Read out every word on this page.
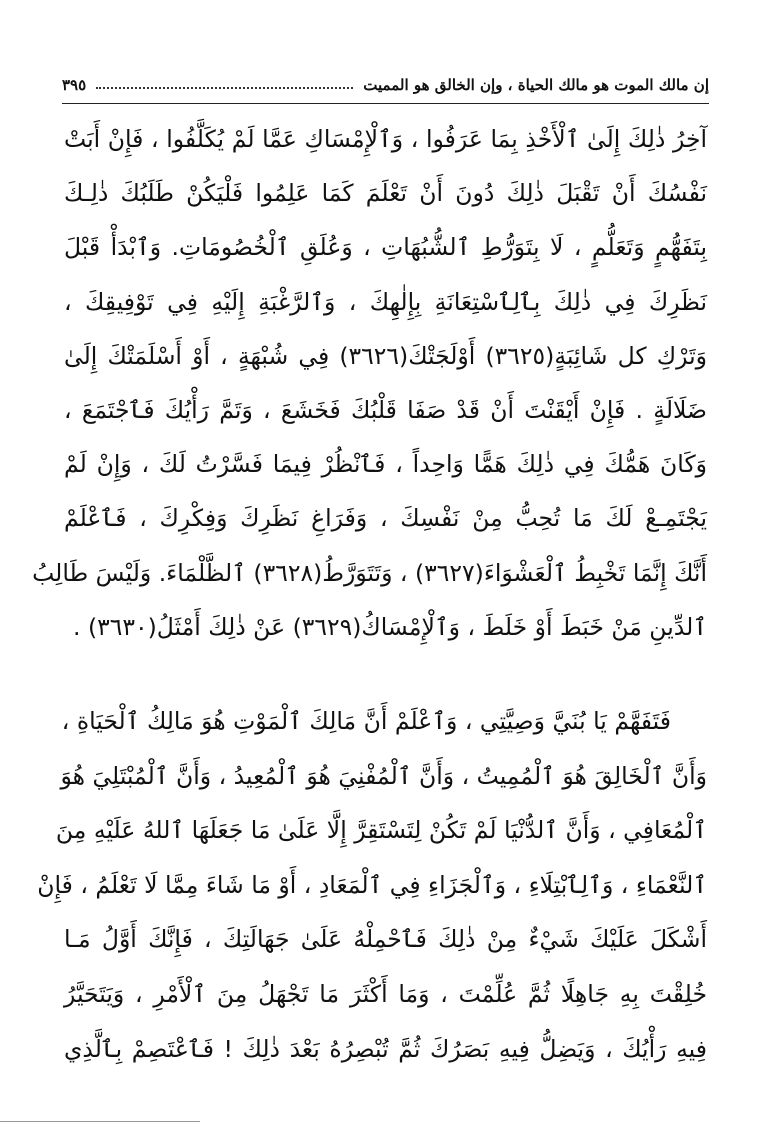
إن مالك الموت هو مالك الحياة ، وإن الخالق هو المميت
٣٩٥
آخِرُ ذٰلِكَ إِلَىٰ ٱلْأَخْذِ بِمَا عَرَفُوا ، وَٱلْإِمْسَاكِ عَمَّا لَمْ يُكَلَّفُوا ، فَإِنْ أَبَتْ
نَفْسُكَ أَنْ تَقْبَلَ ذٰلِكَ دُونَ أَنْ تَعْلَمَ كَمَا عَلِمُوا فَلْيَكُنْ طَلَبُكَ ذٰلِـكَ
بِتَفَهُّمٍ وَتَعَلُّمٍ ، لَا بِتَوَرُّطِ ٱلشُّبُهَاتِ ، وَعُلَقِ ٱلْخُصُومَاتِ. وَٱبْدَأْ قَبْلَ
نَظَرِكَ فِي ذٰلِكَ بِٱلِٱسْتِعَانَةِ بِإِلٰهِكَ ، وَٱلرَّغْبَةِ إِلَيْهِ فِي تَوْفِيقِكَ ،
وَتَرْكِ كل شَائِبَةٍ(٣٦٢٥) أَوْلَجَتْكَ(٣٦٢٦) فِي شُبْهَةٍ ، أَوْ أَسْلَمَتْكَ إِلَىٰ
ضَلَالَةٍ . فَإِنْ أَيْقَنْتَ أَنْ قَدْ صَفَا قَلْبُكَ فَخَشَعَ ، وَتَمَّ رَأْيُكَ فَٱجْتَمَعَ ،
وَكَانَ هَمُّكَ فِي ذٰلِكَ هَمًّا وَاحِداً ، فَٱنْظُرْ فِيمَا فَسَّرْتُ لَكَ ، وَإِنْ لَمْ
يَجْتَمِـعْ لَكَ مَا تُحِبُّ مِنْ نَفْسِكَ ، وَفَرَاغِ نَظَرِكَ وَفِكْرِكَ ، فَٱعْلَمْ
أَنَّكَ إِنَّمَا تَخْبِطُ ٱلْعَشْوَاءَ(٣٦٢٧) ، وَتَتَوَرَّطُ(٣٦٢٨) ٱلظَّلْمَاءَ. وَلَيْسَ طَالِبُ
ٱلدِّينِ مَنْ خَبَطَ أَوْ خَلَطَ ، وَٱلْإِمْسَاكُ(٣٦٢٩) عَنْ ذٰلِكَ أَمْثَلُ(٣٦٣٠) .
فَتَفَهَّمْ يَا بُنَيَّ وَصِيَّتِي ، وَٱعْلَمْ أَنَّ مَالِكَ ٱلْمَوْتِ هُوَ مَالِكُ ٱلْحَيَاةِ ،
وَأَنَّ ٱلْخَالِقَ هُوَ ٱلْمُمِيتُ ، وَأَنَّ ٱلْمُفْنِيَ هُوَ ٱلْمُعِيدُ ، وَأَنَّ ٱلْمُبْتَلِيَ هُوَ
ٱلْمُعَافِي ، وَأَنَّ ٱلدُّنْيَا لَمْ تَكُنْ لِتَسْتَقِرَّ إِلَّا عَلَىٰ مَا جَعَلَهَا ٱللهُ عَلَيْهِ مِنَ
ٱلنَّعْمَاءِ ، وَٱلِٱبْتِلَاءِ ، وَٱلْجَزَاءِ فِي ٱلْمَعَادِ ، أَوْ مَا شَاءَ مِمَّا لَا تَعْلَمُ ، فَإِنْ
أَشْكَلَ عَلَيْكَ شَيْءٌ مِنْ ذٰلِكَ فَٱحْمِلْهُ عَلَىٰ جَهَالَتِكَ ، فَإِنَّكَ أَوَّلُ مَـا
خُلِقْتَ بِهِ جَاهِلًا ثُمَّ عُلِّمْتَ ، وَمَا أَكْثَرَ مَا تَجْهَلُ مِنَ ٱلْأَمْرِ ، وَيَتَحَيَّرُ
فِيهِ رَأْيُكَ ، وَيَضِلُّ فِيهِ بَصَرُكَ ثُمَّ تُبْصِرُهُ بَعْدَ ذٰلِكَ ! فَٱعْتَصِمْ بِٱلَّذِي
